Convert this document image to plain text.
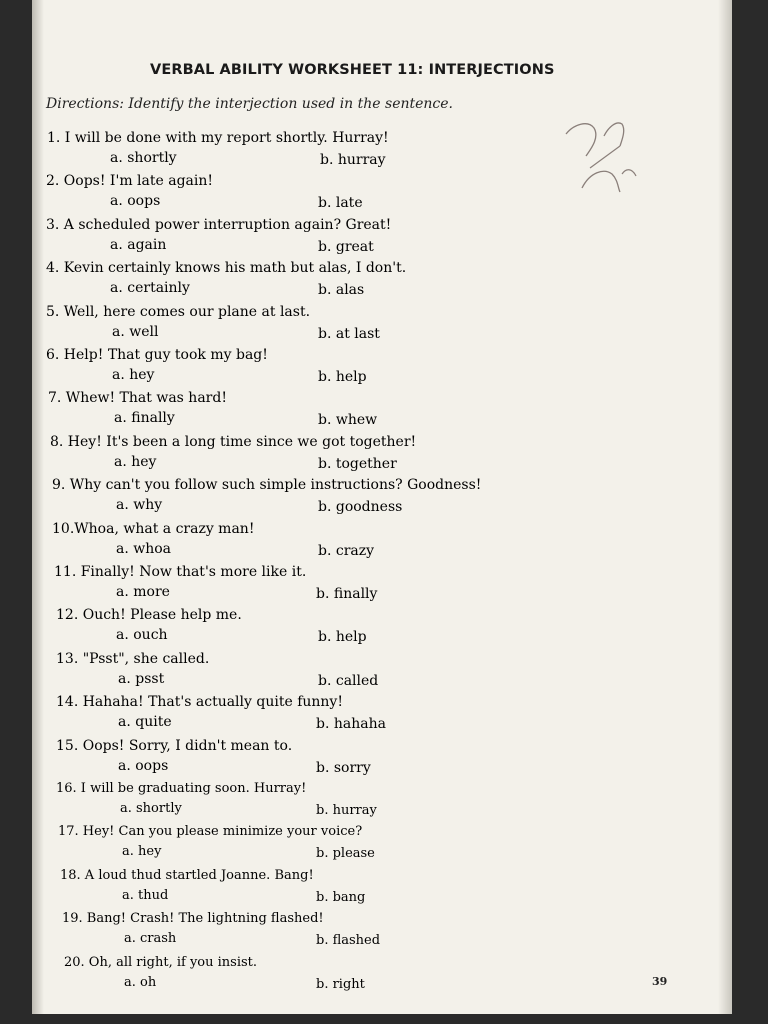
VERBAL ABILITY WORKSHEET 11: INTERJECTIONS
Directions: Identify the interjection used in the sentence.
1. I will be done with my report shortly. Hurray!
a. shortly	b. hurray
2. Oops! I'm late again!
a. oops	b. late
3. A scheduled power interruption again? Great!
a. again	b. great
4. Kevin certainly knows his math but alas, I don't.
a. certainly	b. alas
5. Well, here comes our plane at last.
a. well	b. at last
6. Help! That guy took my bag!
a. hey	b. help
7. Whew! That was hard!
a. finally	b. whew
8. Hey! It's been a long time since we got together!
a. hey	b. together
9. Why can't you follow such simple instructions? Goodness!
a. why	b. goodness
10.Whoa, what a crazy man!
a. whoa	b. crazy
11. Finally! Now that's more like it.
a. more	b. finally
12. Ouch! Please help me.
a. ouch	b. help
13. "Psst", she called.
a. psst	b. called
14. Hahaha! That's actually quite funny!
a. quite	b. hahaha
15. Oops! Sorry, I didn't mean to.
a. oops	b. sorry
16. I will be graduating soon. Hurray!
a. shortly	b. hurray
17. Hey! Can you please minimize your voice?
a. hey	b. please
18. A loud thud startled Joanne. Bang!
a. thud	b. bang
19. Bang! Crash! The lightning flashed!
a. crash	b. flashed
20. Oh, all right, if you insist.
a. oh	b. right	39
